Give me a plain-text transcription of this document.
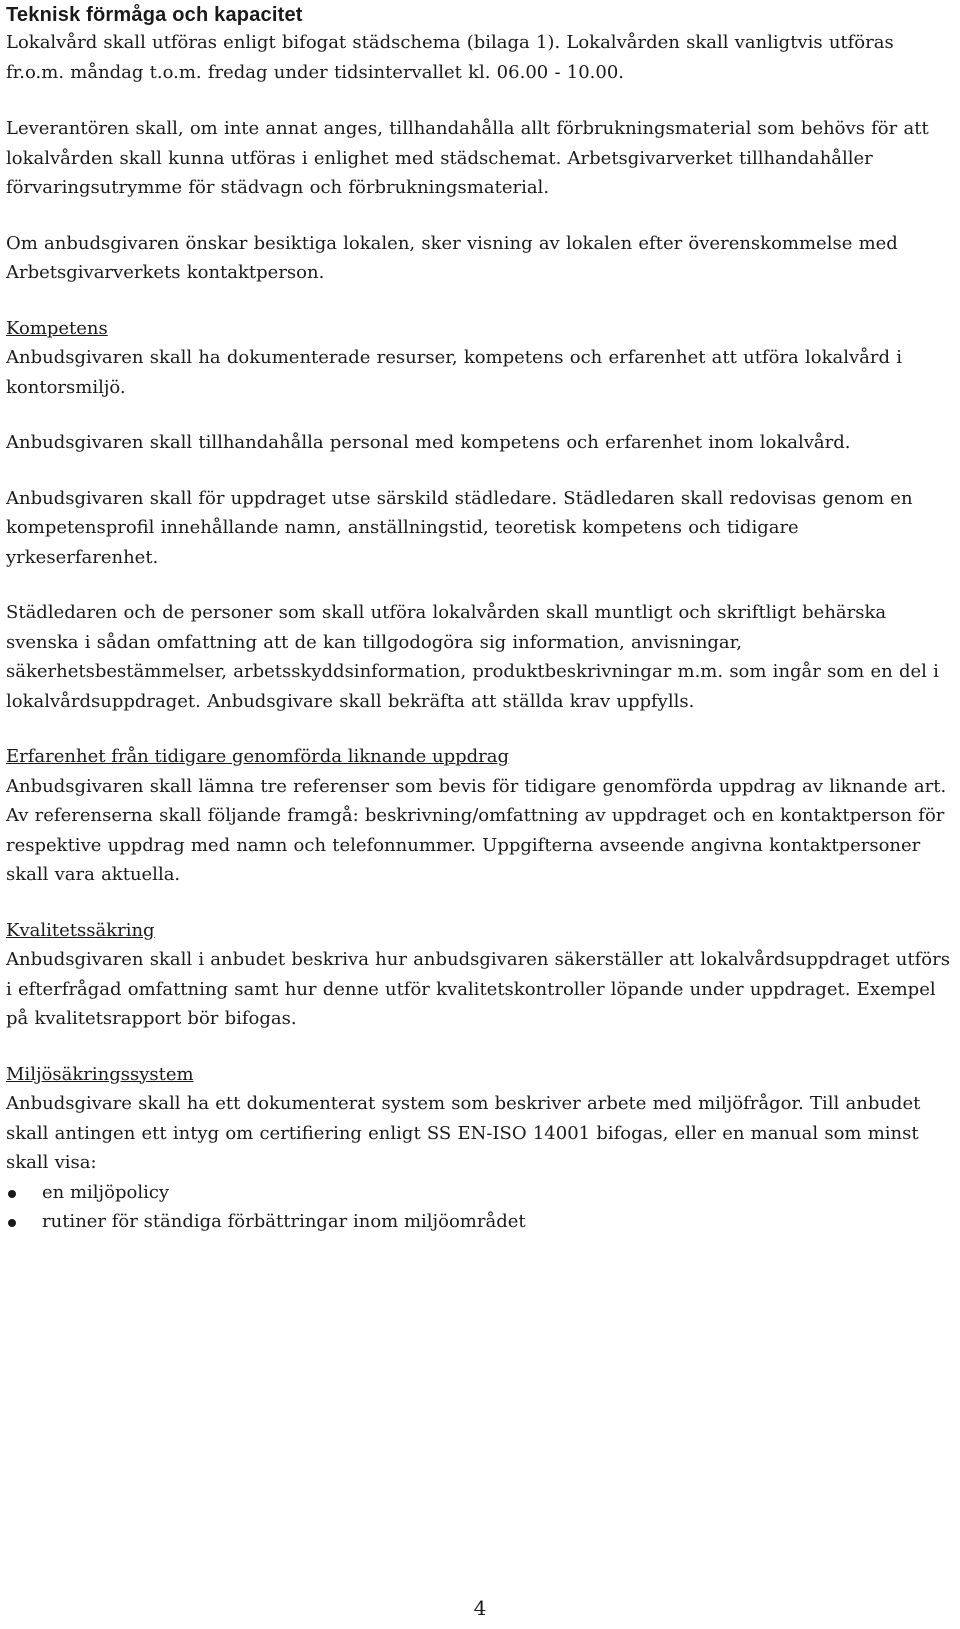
Teknisk förmåga och kapacitet

Lokalvård skall utföras enligt bifogat städschema (bilaga 1). Lokalvården skall vanligtvis utföras fr.o.m. måndag t.o.m. fredag under tidsintervallet kl. 06.00 - 10.00.

Leverantören skall, om inte annat anges, tillhandahålla allt förbrukningsmaterial som behövs för att lokalvården skall kunna utföras i enlighet med städschemat. Arbetsgivarverket tillhandahåller förvaringsutrymme för städvagn och förbrukningsmaterial.

Om anbudsgivaren önskar besiktiga lokalen, sker visning av lokalen efter överenskommelse med Arbetsgivarverkets kontaktperson.

Kompetens

Anbudsgivaren skall ha dokumenterade resurser, kompetens och erfarenhet att utföra lokalvård i kontorsmiljö.

Anbudsgivaren skall tillhandahålla personal med kompetens och erfarenhet inom lokalvård.

Anbudsgivaren skall för uppdraget utse särskild städledare. Städledaren skall redovisas genom en kompetensprofil innehållande namn, anställningstid, teoretisk kompetens och tidigare yrkeserfarenhet.

Städledaren och de personer som skall utföra lokalvården skall muntligt och skriftligt behärska svenska i sådan omfattning att de kan tillgodogöra sig information, anvisningar, säkerhetsbestämmelser, arbetsskyddsinformation, produktbeskrivningar m.m. som ingår som en del i lokalvårdsuppdraget. Anbudsgivare skall bekräfta att ställda krav uppfylls.

Erfarenhet från tidigare genomförda liknande uppdrag

Anbudsgivaren skall lämna tre referenser som bevis för tidigare genomförda uppdrag av liknande art. Av referenserna skall följande framgå: beskrivning/omfattning av uppdraget och en kontaktperson för respektive uppdrag med namn och telefonnummer. Uppgifterna avseende angivna kontaktpersoner skall vara aktuella.

Kvalitetssäkring

Anbudsgivaren skall i anbudet beskriva hur anbudsgivaren säkerställer att lokalvårdsuppdraget utförs i efterfrågad omfattning samt hur denne utför kvalitetskontroller löpande under uppdraget. Exempel på kvalitetsrapport bör bifogas.

Miljösäkringssystem

Anbudsgivare skall ha ett dokumenterat system som beskriver arbete med miljöfrågor. Till anbudet skall antingen ett intyg om certifiering enligt SS EN-ISO 14001 bifogas, eller en manual som minst skall visa:

en miljöpolicy
rutiner för ständiga förbättringar inom miljöområdet
4
